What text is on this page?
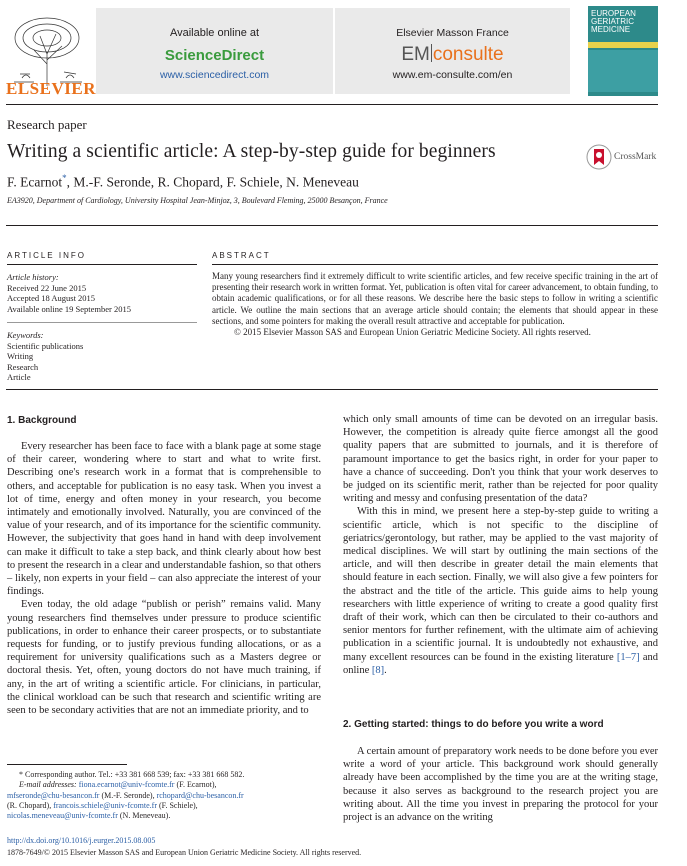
ELSEVIER
Available online at
ScienceDirect
www.sciencedirect.com
Elsevier Masson France
EM consulte
www.em-consulte.com/en
EUROPEAN GERIATRIC MEDICINE
Research paper
Writing a scientific article: A step-by-step guide for beginners	CrossMark
F. Ecarnot*, M.-F. Seronde, R. Chopard, F. Schiele, N. Meneveau
EA3920, Department of Cardiology, University Hospital Jean-Minjoz, 3, Boulevard Fleming, 25000 Besançon, France
ARTICLE INFO	ABSTRACT
Article history:
Received 22 June 2015
Accepted 18 August 2015
Available online 19 September 2015
Keywords:
Scientific publications
Writing
Research
Article
Many young researchers find it extremely difficult to write scientific articles, and few receive specific training in the art of presenting their research work in written format. Yet, publication is often vital for career advancement, to obtain funding, to obtain academic qualifications, or for all these reasons. We describe here the basic steps to follow in writing a scientific article. We outline the main sections that an average article should contain; the elements that should appear in these sections, and some pointers for making the overall result attractive and acceptable for publication.
© 2015 Elsevier Masson SAS and European Union Geriatric Medicine Society. All rights reserved.
1. Background

Every researcher has been face to face with a blank page at some stage of their career, wondering where to start and what to write first. Describing one's research work in a format that is comprehensible to others, and acceptable for publication is no easy task. When you invest a lot of time, energy and often money in your research, you become intimately and emotionally involved. Naturally, you are convinced of the value of your research, and of its importance for the scientific community. However, the subjectivity that goes hand in hand with deep involvement can make it difficult to take a step back, and think clearly about how best to present the research in a clear and understandable fashion, so that others – likely, non experts in your field – can also appreciate the interest of your findings.

Even today, the old adage “publish or perish” remains valid. Many young researchers find themselves under pressure to produce scientific publications, in order to enhance their career prospects, or to substantiate requests for funding, or to justify previous funding allocations, or as a requirement for university qualifications such as a Masters degree or doctoral thesis. Yet, often, young doctors do not have much training, if any, in the art of writing a scientific article. For clinicians, in particular, the clinical workload can be such that research and scientific writing are seen to be secondary activities that are not an immediate priority, and to

which only small amounts of time can be devoted on an irregular basis. However, the competition is already quite fierce amongst all the good quality papers that are submitted to journals, and it is therefore of paramount importance to get the basics right, in order for your paper to have a chance of succeeding. Don't you think that your work deserves to be judged on its scientific merit, rather than be rejected for poor quality writing and messy and confusing presentation of the data?

With this in mind, we present here a step-by-step guide to writing a scientific article, which is not specific to the discipline of geriatrics/gerontology, but rather, may be applied to the vast majority of medical disciplines. We will start by outlining the main sections of the article, and will then describe in greater detail the main elements that should feature in each section. Finally, we will also give a few pointers for the abstract and the title of the article. This guide aims to help young researchers with little experience of writing to create a good quality first draft of their work, which can then be circulated to their co-authors and senior mentors for further refinement, with the ultimate aim of achieving publication in a scientific journal. It is undoubtedly not exhaustive, and many excellent resources can be found in the existing literature [1–7] and online [8].

2. Getting started: things to do before you write a word

A certain amount of preparatory work needs to be done before you ever write a word of your article. This background work should generally already have been accomplished by the time you are at the writing stage, because it also serves as background to the research project you are writing about. All the time you invest in preparing the protocol for your project is an advance on the writing

* Corresponding author. Tel.: +33 381 668 539; fax: +33 381 668 582.
E-mail addresses: fiona.ecarnot@univ-fcomte.fr (F. Ecarnot),
mfseronde@chu-besancon.fr (M.-F. Seronde), rchopard@chu-besancon.fr
(R. Chopard), francois.schiele@univ-fcomte.fr (F. Schiele),
nicolas.meneveau@univ-fcomte.fr (N. Meneveau).
http://dx.doi.org/10.1016/j.eurger.2015.08.005
1878-7649/© 2015 Elsevier Masson SAS and European Union Geriatric Medicine Society. All rights reserved.
